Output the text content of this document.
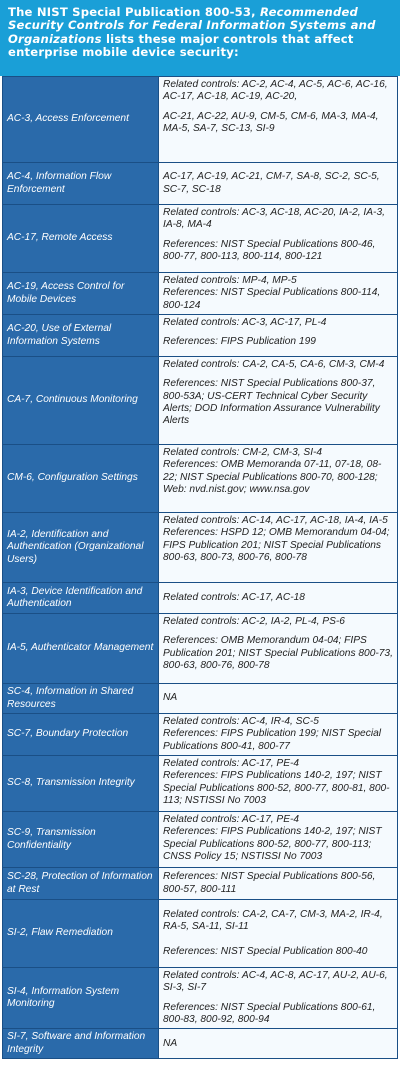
The NIST Special Publication 800-53, Recommended Security Controls for Federal Information Systems and Organizations lists these major controls that affect enterprise mobile device security:
AC-3, Access Enforcement	Related controls: AC-2, AC-4, AC-5, AC-6, AC-16, AC-17, AC-18, AC-19, AC-20,
AC-21, AC-22, AU-9, CM-5, CM-6, MA-3, MA-4, MA-5, SA-7, SC-13, SI-9
AC-4, Information Flow Enforcement	AC-17, AC-19, AC-21, CM-7, SA-8, SC-2, SC-5, SC-7, SC-18
AC-17, Remote Access	Related controls: AC-3, AC-18, AC-20, IA-2, IA-3, IA-8, MA-4
References: NIST Special Publications 800-46, 800-77, 800-113, 800-114, 800-121
AC-19, Access Control for Mobile Devices	Related controls: MP-4, MP-5
References: NIST Special Publications 800-114, 800-124
AC-20, Use of External Information Systems	Related controls: AC-3, AC-17, PL-4
References: FIPS Publication 199
CA-7, Continuous Monitoring	Related controls: CA-2, CA-5, CA-6, CM-3, CM-4
References: NIST Special Publications 800-37, 800-53A; US-CERT Technical Cyber Security Alerts; DOD Information Assurance Vulnerability Alerts
CM-6, Configuration Settings	Related controls: CM-2, CM-3, SI-4
References: OMB Memoranda 07-11, 07-18, 08-22; NIST Special Publications 800-70, 800-128; Web: nvd.nist.gov; www.nsa.gov
IA-2, Identification and Authentication (Organizational Users)	Related controls: AC-14, AC-17, AC-18, IA-4, IA-5
References: HSPD 12; OMB Memorandum 04-04; FIPS Publication 201; NIST Special Publications 800-63, 800-73, 800-76, 800-78
IA-3, Device Identification and Authentication	Related controls: AC-17, AC-18
IA-5, Authenticator Management	Related controls: AC-2, IA-2, PL-4, PS-6
References: OMB Memorandum 04-04; FIPS Publication 201; NIST Special Publications 800-73, 800-63, 800-76, 800-78
SC-4, Information in Shared Resources	NA
SC-7, Boundary Protection	Related controls: AC-4, IR-4, SC-5
References: FIPS Publication 199; NIST Special Publications 800-41, 800-77
SC-8, Transmission Integrity	Related controls: AC-17, PE-4
References: FIPS Publications 140-2, 197; NIST Special Publications 800-52, 800-77, 800-81, 800-113; NSTISSI No 7003
SC-9, Transmission Confidentiality	Related controls: AC-17, PE-4
References: FIPS Publications 140-2, 197; NIST Special Publications 800-52, 800-77, 800-113; CNSS Policy 15; NSTISSI No 7003
SC-28, Protection of Information at Rest	References: NIST Special Publications 800-56, 800-57, 800-111
SI-2, Flaw Remediation	Related controls: CA-2, CA-7, CM-3, MA-2, IR-4, RA-5, SA-11, SI-11
References: NIST Special Publication 800-40
SI-4, Information System Monitoring	Related controls: AC-4, AC-8, AC-17, AU-2, AU-6, SI-3, SI-7
References: NIST Special Publications 800-61, 800-83, 800-92, 800-94
SI-7, Software and Information Integrity	NA
